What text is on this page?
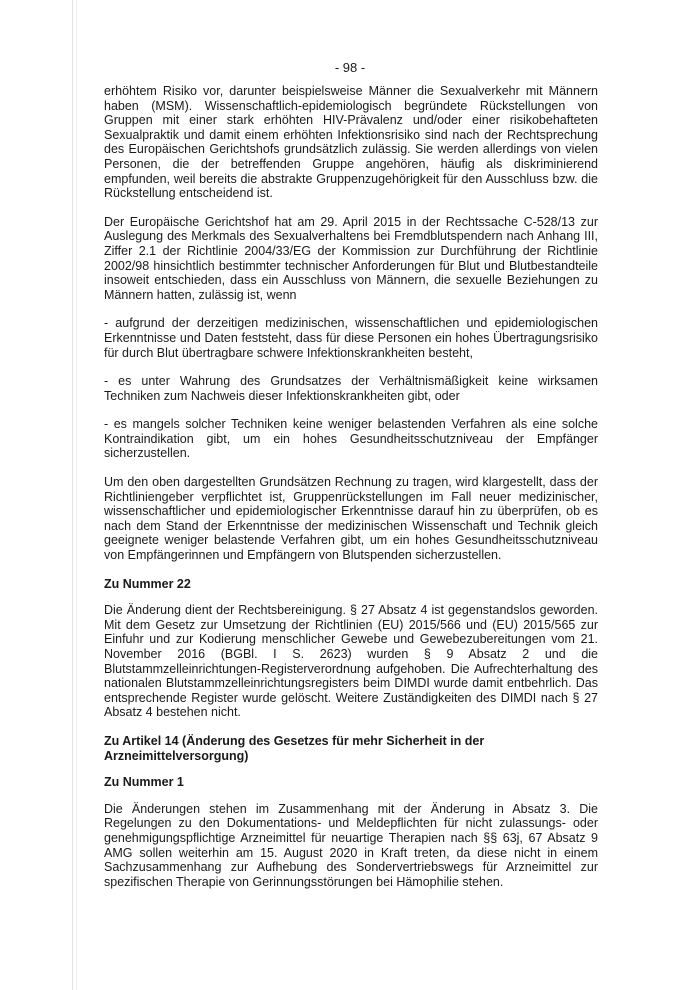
- 98 -

erhöhtem Risiko vor, darunter beispielsweise Männer die Sexualverkehr mit Männern haben (MSM). Wissenschaftlich-epidemiologisch begründete Rückstellungen von Gruppen mit einer stark erhöhten HIV-Prävalenz und/oder einer risikobehafteten Sexualpraktik und damit einem erhöhten Infektionsrisiko sind nach der Rechtsprechung des Europäischen Gerichtshofs grundsätzlich zulässig. Sie werden allerdings von vielen Personen, die der betreffenden Gruppe angehören, häufig als diskriminierend empfunden, weil bereits die abstrakte Gruppenzugehörigkeit für den Ausschluss bzw. die Rückstellung entscheidend ist.

Der Europäische Gerichtshof hat am 29. April 2015 in der Rechtssache C-528/13 zur Auslegung des Merkmals des Sexualverhaltens bei Fremdblutspendern nach Anhang III, Ziffer 2.1 der Richtlinie 2004/33/EG der Kommission zur Durchführung der Richtlinie 2002/98 hinsichtlich bestimmter technischer Anforderungen für Blut und Blutbestandteile insoweit entschieden, dass ein Ausschluss von Männern, die sexuelle Beziehungen zu Männern hatten, zulässig ist, wenn

- aufgrund der derzeitigen medizinischen, wissenschaftlichen und epidemiologischen Erkenntnisse und Daten feststeht, dass für diese Personen ein hohes Übertragungsrisiko für durch Blut übertragbare schwere Infektionskrankheiten besteht,

- es unter Wahrung des Grundsatzes der Verhältnismäßigkeit keine wirksamen Techniken zum Nachweis dieser Infektionskrankheiten gibt, oder

- es mangels solcher Techniken keine weniger belastenden Verfahren als eine solche Kontraindikation gibt, um ein hohes Gesundheitsschutzniveau der Empfänger sicherzustellen.

Um den oben dargestellten Grundsätzen Rechnung zu tragen, wird klargestellt, dass der Richtliniengeber verpflichtet ist, Gruppenrückstellungen im Fall neuer medizinischer, wissenschaftlicher und epidemiologischer Erkenntnisse darauf hin zu überprüfen, ob es nach dem Stand der Erkenntnisse der medizinischen Wissenschaft und Technik gleich geeignete weniger belastende Verfahren gibt, um ein hohes Gesundheitsschutzniveau von Empfängerinnen und Empfängern von Blutspenden sicherzustellen.

Zu Nummer 22

Die Änderung dient der Rechtsbereinigung. § 27 Absatz 4 ist gegenstandslos geworden. Mit dem Gesetz zur Umsetzung der Richtlinien (EU) 2015/566 und (EU) 2015/565 zur Einfuhr und zur Kodierung menschlicher Gewebe und Gewebezubereitungen vom 21. November 2016 (BGBl. I S. 2623) wurden § 9 Absatz 2 und die Blutstammzelleinrichtungen-Registerverordnung aufgehoben. Die Aufrechterhaltung des nationalen Blutstammzelleinrichtungsregisters beim DIMDI wurde damit entbehrlich. Das entsprechende Register wurde gelöscht. Weitere Zuständigkeiten des DIMDI nach § 27 Absatz 4 bestehen nicht.

Zu Artikel 14 (Änderung des Gesetzes für mehr Sicherheit in der Arzneimittelversorgung)
Zu Nummer 1

Die Änderungen stehen im Zusammenhang mit der Änderung in Absatz 3. Die Regelungen zu den Dokumentations- und Meldepflichten für nicht zulassungs- oder genehmigungspflichtige Arzneimittel für neuartige Therapien nach §§ 63j, 67 Absatz 9 AMG sollen weiterhin am 15. August 2020 in Kraft treten, da diese nicht in einem Sachzusammenhang zur Aufhebung des Sondervertriebswegs für Arzneimittel zur spezifischen Therapie von Gerinnungsstörungen bei Hämophilie stehen.
